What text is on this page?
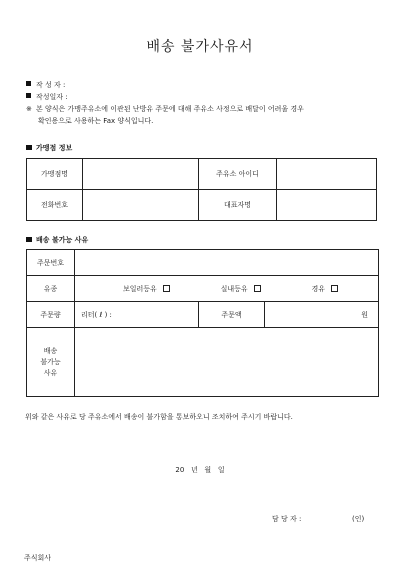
배송 불가사유서
작 성 자 :
작성일자 :
※ 본 양식은 가맹주유소에 이관된 난방유 주문에 대해 주유소 사정으로 배달이 어려울 경우
확인용으로 사용하는 Fax 양식입니다.
가맹점 정보
가맹점명		주유소 아이디	
전화번호		대표자명	
배송 불가능 사유
주문번호			
유종	보일러등유 실내등유 경유		

주문량	리터( ℓ ) :	주문액	원
배송
불가능
사유			
위와 같은 사유로 당 주유소에서 배송이 불가함을 통보하오니 조치하여 주시기 바랍니다.
20   년   월   일
담 당 자 :	(인)
주식회사
